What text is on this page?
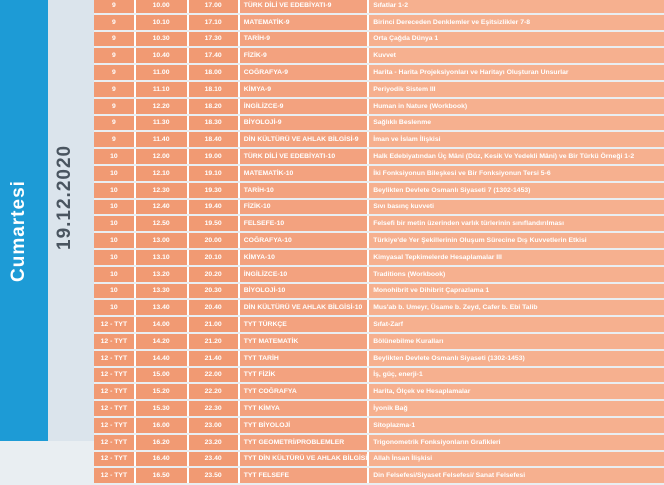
Cumartesi 19.12.2020
9	10.00	17.00	TÜRK DİLİ VE EDEBİYATI-9	Sıfatlar 1-2
9	10.10	17.10	MATEMATİK-9	Birinci Dereceden Denklemler ve Eşitsizlikler 7-8
9	10.30	17.30	TARİH-9	Orta Çağda Dünya 1
9	10.40	17.40	FİZİK-9	Kuvvet
9	11.00	18.00	COĞRAFYA-9	Harita - Harita Projeksiyonları ve Haritayı Oluşturan Unsurlar
9	11.10	18.10	KİMYA-9	Periyodik Sistem III
9	12.20	18.20	İNGİLİZCE-9	Human in Nature (Workbook)
9	11.30	18.30	BİYOLOJİ-9	Sağlıklı Beslenme
9	11.40	18.40	DİN KÜLTÜRÜ VE AHLAK BİLGİSİ-9	İman ve İslam İlişkisi
10	12.00	19.00	TÜRK DİLİ VE EDEBİYATI-10	Halk Edebiyatından Üç Mâni (Düz, Kesik Ve Yedekli Mâni) ve Bir Türkü Örneği 1-2
10	12.10	19.10	MATEMATİK-10	İki Fonksiyonun Bileşkesi ve Bir Fonksiyonun Tersi 5-6
10	12.30	19.30	TARİH-10	Beylikten Devlete Osmanlı Siyaseti 7 (1302-1453)
10	12.40	19.40	FİZİK-10	Sıvı basınç kuvveti
10	12.50	19.50	FELSEFE-10	Felsefi bir metin üzerinden varlık türlerinin sınıflandırılması
10	13.00	20.00	COĞRAFYA-10	Türkiye'de Yer Şekillerinin Oluşum Sürecine Dış Kuvvetlerin Etkisi
10	13.10	20.10	KİMYA-10	Kimyasal Tepkimelerde Hesaplamalar III
10	13.20	20.20	İNGİLİZCE-10	Traditions (Workbook)
10	13.30	20.30	BİYOLOJİ-10	Monohibrit ve Dihibrit Çaprazlama 1
10	13.40	20.40	DİN KÜLTÜRÜ VE AHLAK BİLGİSİ-10	Mus'ab b. Umeyr, Üsame b. Zeyd, Cafer b. Ebi Talib
12 - TYT	14.00	21.00	TYT TÜRKÇE	Sıfat-Zarf
12 - TYT	14.20	21.20	TYT MATEMATİK	Bölünebilme Kuralları
12 - TYT	14.40	21.40	TYT TARİH	Beylikten Devlete Osmanlı Siyaseti (1302-1453)
12 - TYT	15.00	22.00	TYT FİZİK	İş, güç, enerji-1
12 - TYT	15.20	22.20	TYT COĞRAFYA	Harita, Ölçek ve Hesaplamalar
12 - TYT	15.30	22.30	TYT KİMYA	İyonik Bağ
12 - TYT	16.00	23.00	TYT BİYOLOJİ	Sitoplazma-1
12 - TYT	16.20	23.20	TYT GEOMETRİ/PROBLEMLER	Trigonometrik Fonksiyonların Grafikleri
12 - TYT	16.40	23.40	TYT DİN KÜLTÜRÜ VE AHLAK BİLGİSİ	Allah İnsan İlişkisi
12 - TYT	16.50	23.50	TYT FELSEFE	Din Felsefesi/Siyaset Felsefesi/ Sanat Felsefesi
